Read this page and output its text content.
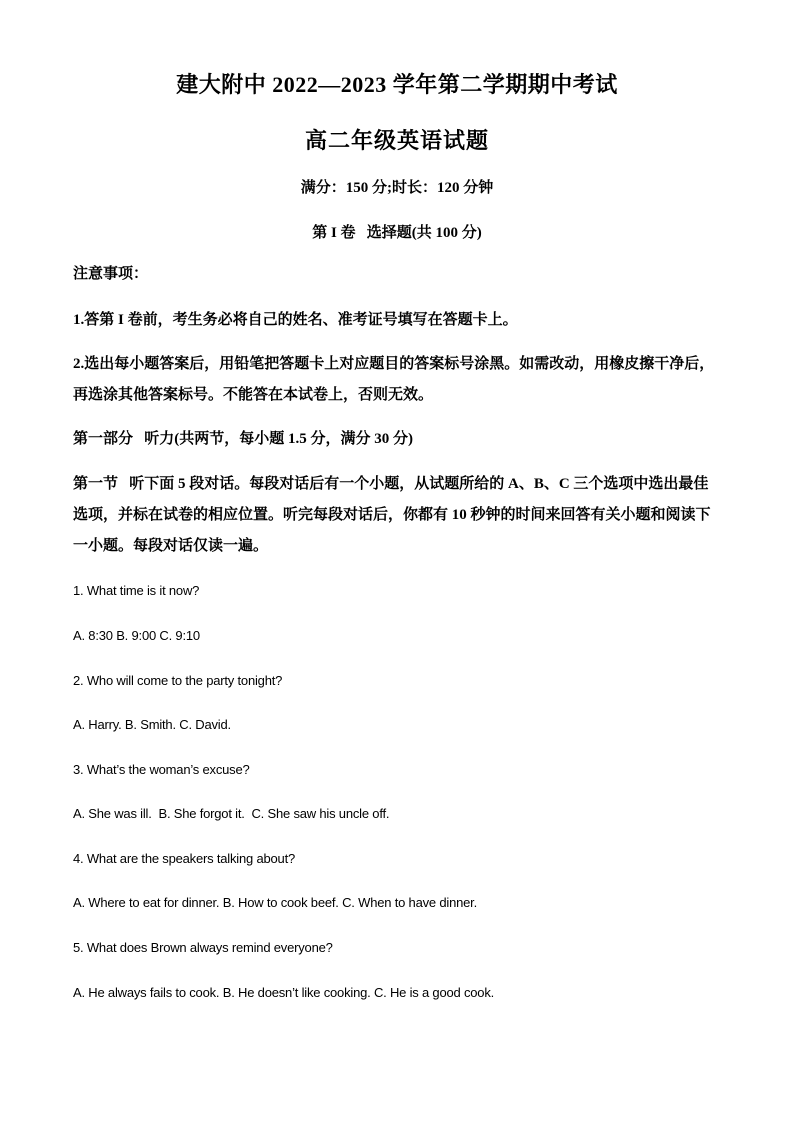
建大附中 2022—2023 学年第二学期期中考试
高二年级英语试题
满分：150 分;时长：120 分钟
第 I 卷   选择题(共 100 分)
注意事项：
1.答第 I 卷前，考生务必将自己的姓名、准考证号填写在答题卡上。
2.选出每小题答案后，用铅笔把答题卡上对应题目的答案标号涂黑。如需改动，用橡皮擦干净后，再选涂其他答案标号。不能答在本试卷上，否则无效。
第一部分   听力(共两节，每小题 1.5 分，满分 30 分)
第一节   听下面 5 段对话。每段对话后有一个小题，从试题所给的 A、B、C 三个选项中选出最佳选项，并标在试卷的相应位置。听完每段对话后，你都有 10 秒钟的时间来回答有关小题和阅读下一小题。每段对话仅读一遍。
1. What time is it now?
A. 8:30 B. 9:00 C. 9:10
2. Who will come to the party tonight?
A. Harry. B. Smith. C. David.
3. What’s the woman’s excuse?
A. She was ill.  B. She forgot it.  C. She saw his uncle off.
4. What are the speakers talking about?
A. Where to eat for dinner. B. How to cook beef. C. When to have dinner.
5. What does Brown always remind everyone?
A. He always fails to cook. B. He doesn’t like cooking. C. He is a good cook.
